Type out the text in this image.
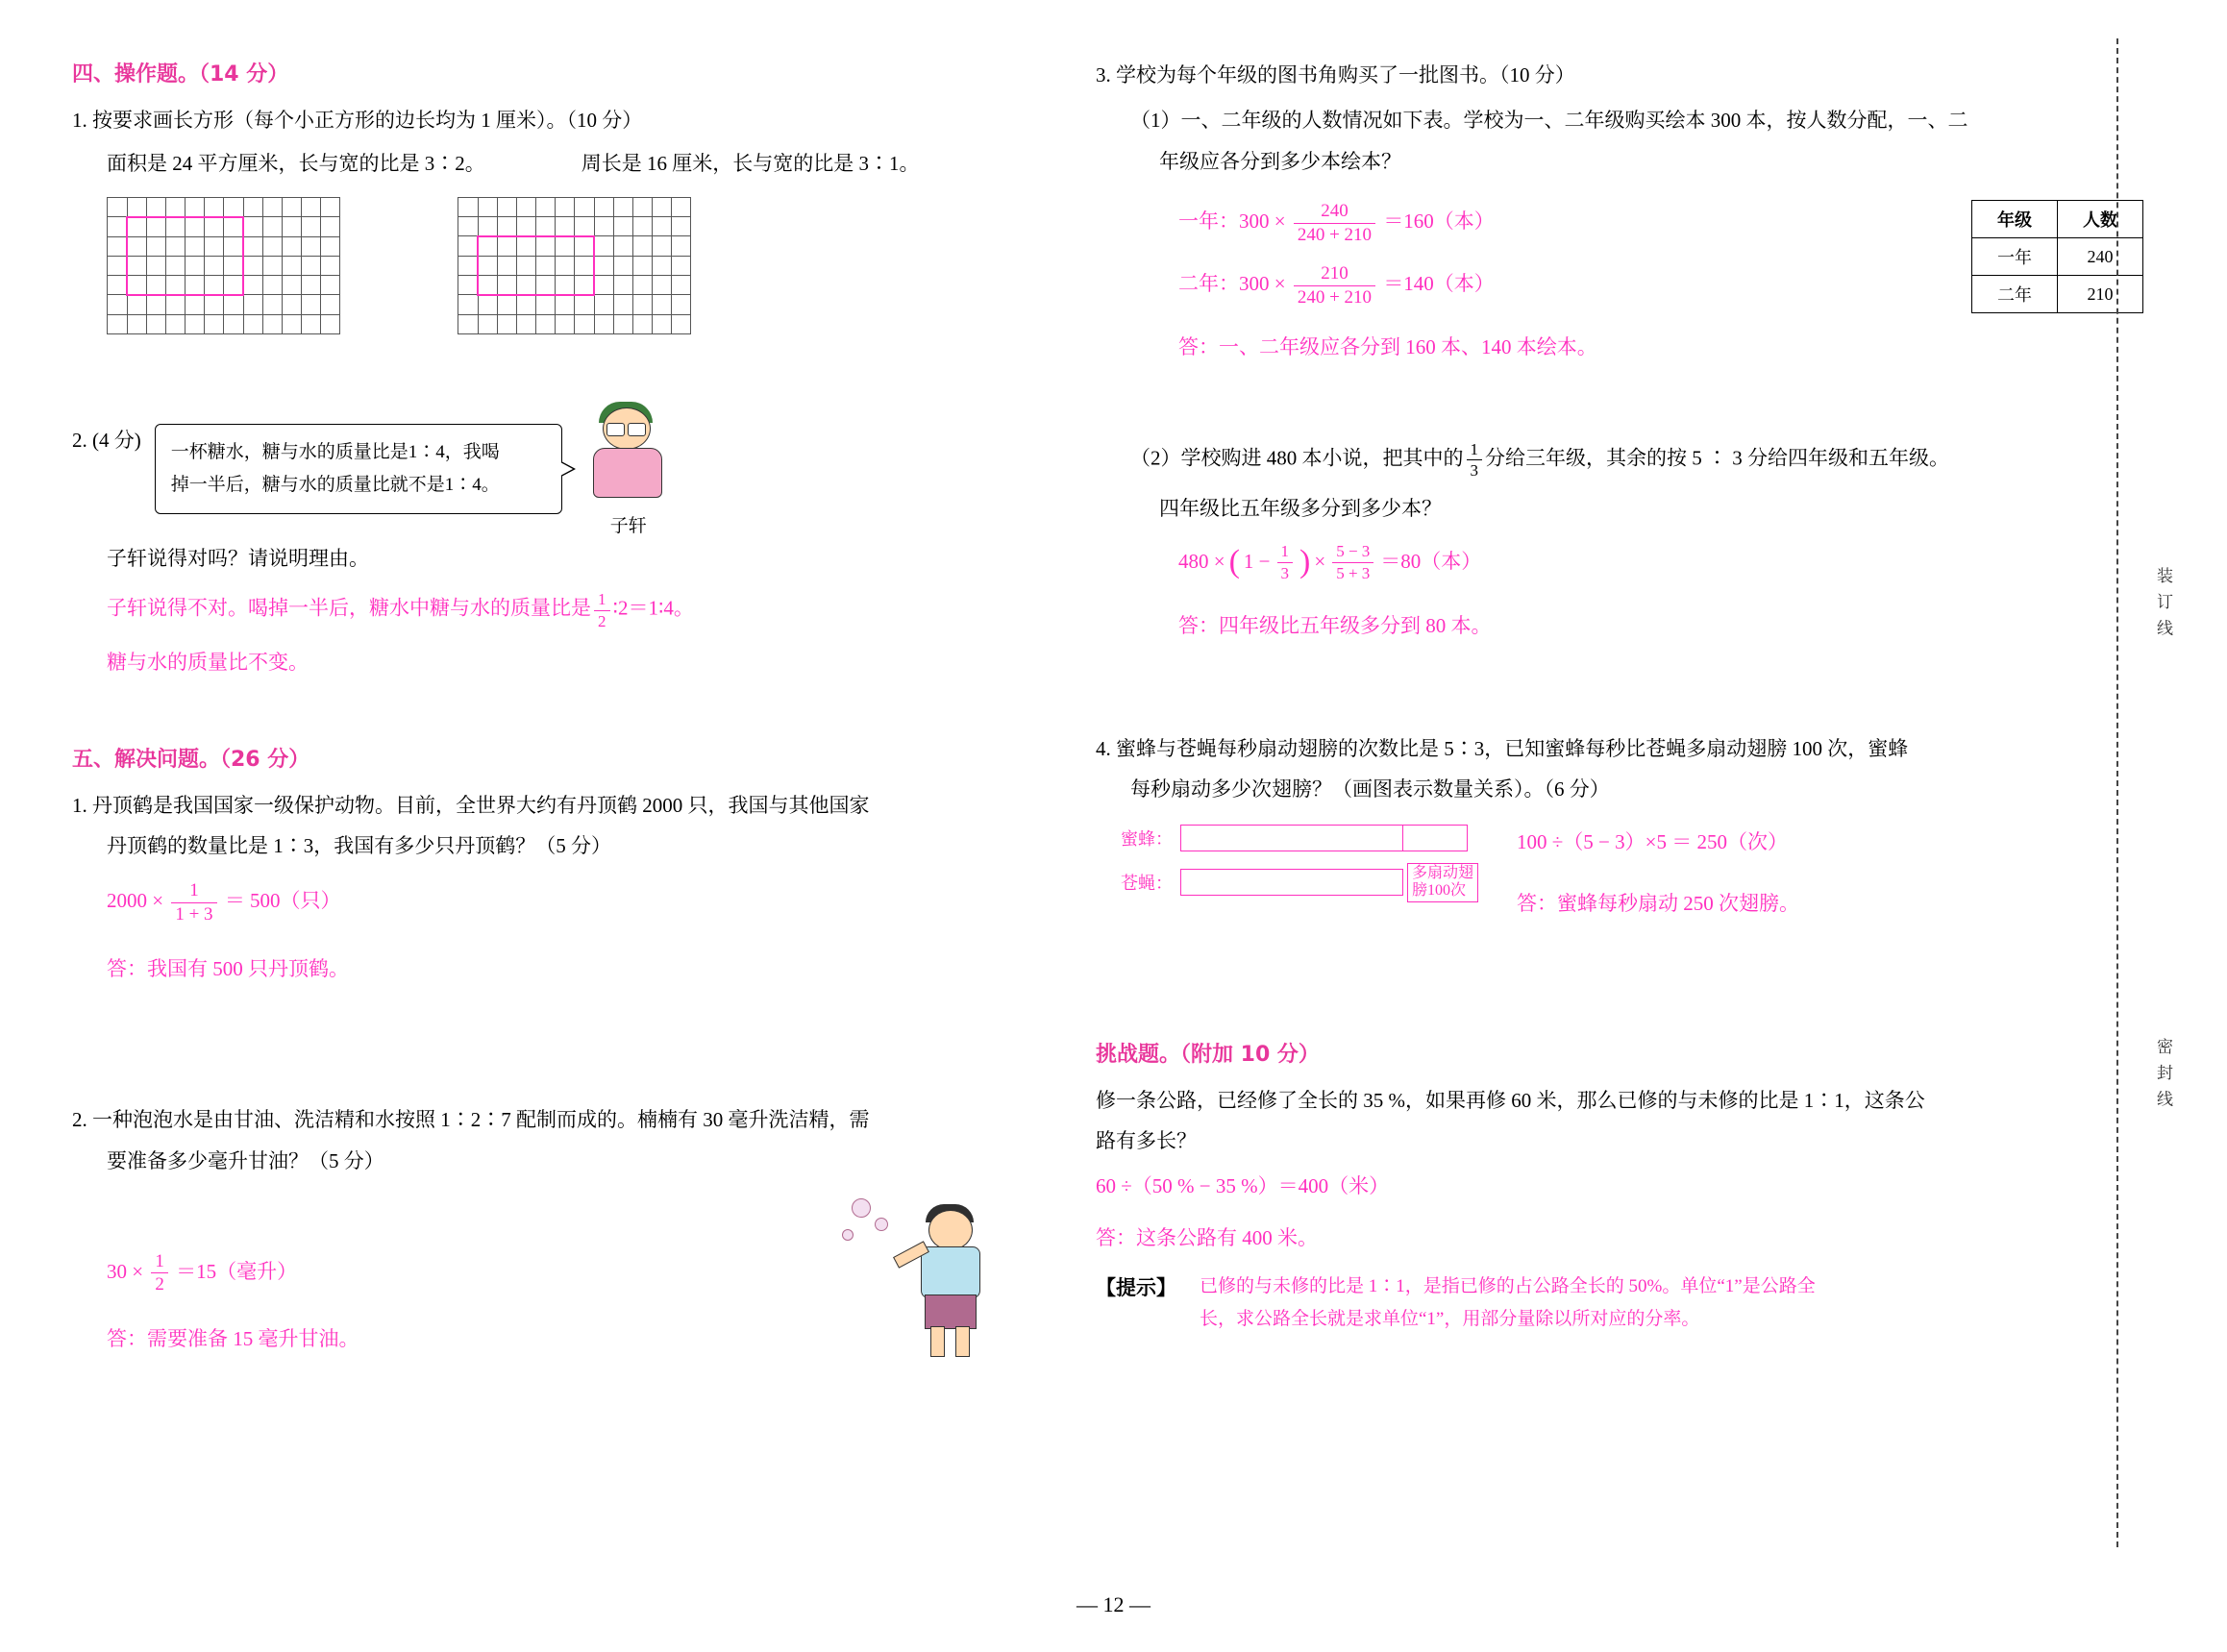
四、操作题。（14 分）
1. 按要求画长方形（每个小正方形的边长均为 1 厘米）。（10 分）
面积是 24 平方厘米，长与宽的比是 3∶2。	周长是 16 厘米，长与宽的比是 3∶1。

2. (4 分)
一杯糖水，糖与水的质量比是1∶4，我喝
掉一半后，糖与水的质量比就不是1∶4。
子轩
子轩说得对吗？请说明理由。
子轩说得不对。喝掉一半后，糖水中糖与水的质量比是 $\frac{1}{2}$ ∶2＝1∶4。
糖与水的质量比不变。
五、解决问题。（26 分）
1. 丹顶鹤是我国国家一级保护动物。目前，全世界大约有丹顶鹤 2000 只，我国与其他国家
丹顶鹤的数量比是 1∶3，我国有多少只丹顶鹤？（5 分）
$2000 \times \frac{1}{1 + 3} = 500$（只）
答：我国有 500 只丹顶鹤。
2. 一种泡泡水是由甘油、洗洁精和水按照 1∶2∶7 配制而成的。楠楠有 30 毫升洗洁精，需
要准备多少毫升甘油？（5 分）
$30 \times \frac{1}{2} =15$（毫升）
答：需要准备 15 毫升甘油。
3. 学校为每个年级的图书角购买了一批图书。（10 分）
（1）一、二年级的人数情况如下表。学校为一、二年级购买绘本 300 本，按人数分配，一、二
年级应各分到多少本绘本？
一年：$300 \times \frac{240}{240 + 210} =160$（本）
二年：$300 \times \frac{210}{240 + 210} =140$（本）
答：一、二年级应各分到 160 本、140 本绘本。
年级	人数
一年	240
二年	210
（2）学校购进 480 本小说，把其中的 $\frac{1}{3}$ 分给三年级，其余的按 5 ∶ 3 分给四年级和五年级。
四年级比五年级多分到多少本？
480 × ( $1 - \frac{1}{3}$ ) × $\frac{5 - 3}{5 + 3} =80$（本）
答：四年级比五年级多分到 80 本。
4. 蜜蜂与苍蝇每秒扇动翅膀的次数比是 5∶3，已知蜜蜂每秒比苍蝇多扇动翅膀 100 次，蜜蜂
每秒扇动多少次翅膀？（画图表示数量关系）。（6 分）
蜜蜂：
苍蝇：
多扇动翅
膀100次
100 ÷（5 − 3）×5 ＝ 250（次）
答：蜜蜂每秒扇动 250 次翅膀。
挑战题。（附加 10 分）
修一条公路，已经修了全长的 35 %，如果再修 60 米，那么已修的与未修的比是 1∶1，这条公
路有多长？
60 ÷（50 % − 35 %）＝400（米）
答：这条公路有 400 米。
【提示】 已修的与未修的比是 1∶1，是指已修的占公路全长的 50%。单位“1”是公路全
长，求公路全长就是求单位“1”，用部分量除以所对应的分率。
装 订 线
密 封 线
— 12 —
